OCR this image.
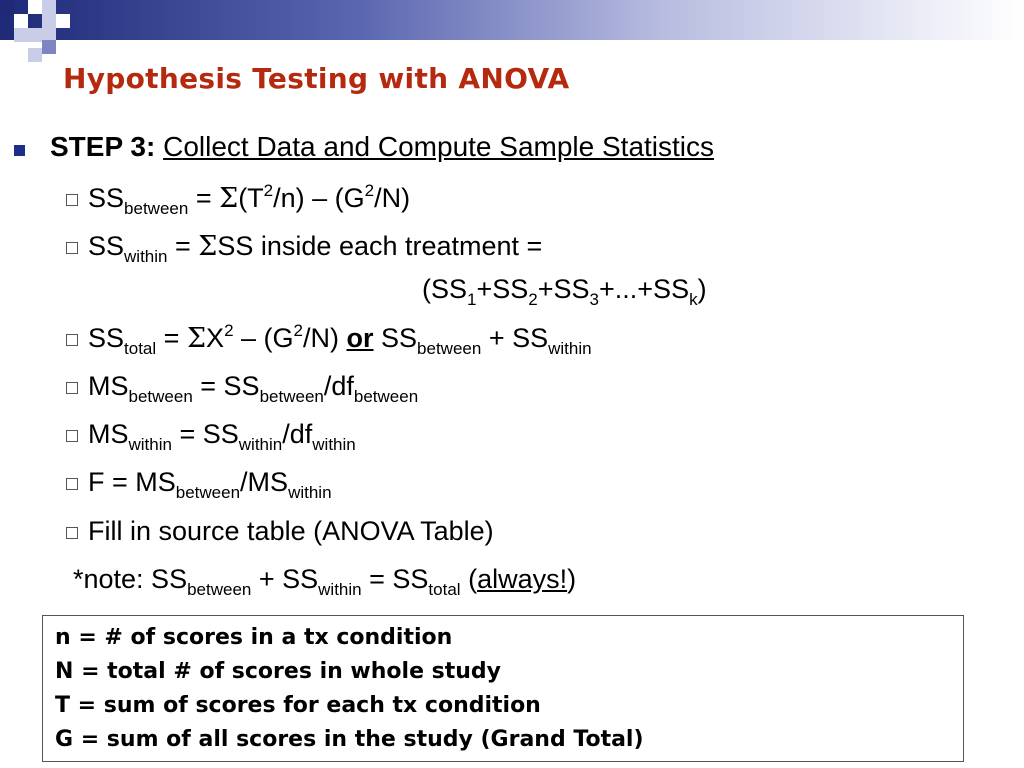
Hypothesis Testing with ANOVA
STEP 3: Collect Data and Compute Sample Statistics
$SS_{between} = \Sigma(T^2/n) - (G^2/N)$
$SS_{within} = \Sigma SS$ inside each treatment =
$(SS_1+SS_2+SS_3+...+SS_k)$
$SS_{total} = \Sigma X^2 - (G^2/N)$ or $SS_{between} + SS_{within}$
$MS_{between} = SS_{between}/df_{between}$
$MS_{within} = SS_{within}/df_{within}$
$F = MS_{between}/MS_{within}$
Fill in source table (ANOVA Table)
*note: $SS_{between} + SS_{within} = SS_{total}$ (always!)
n = # of scores in a tx condition
N = total # of scores in whole study
T = sum of scores for each tx condition
G = sum of all scores in the study (Grand Total)
